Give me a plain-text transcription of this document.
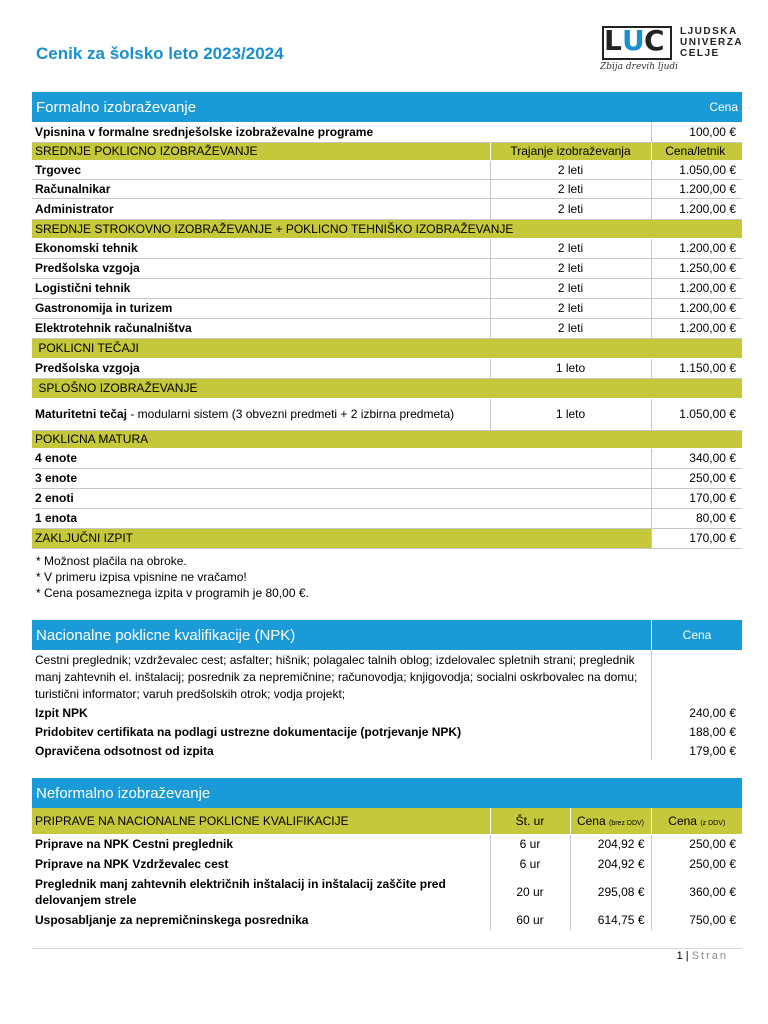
Cenik za šolsko leto 2023/2024	L U C LJUDSKA
UNIVERZA
CELJE
Zbija drevih ljudi
Formalno izobraževanje	Cena
Vpisnina v formalne srednješolske izobraževalne programe		100,00 €
SREDNJE POKLICNO IZOBRAŽEVANJE	Trajanje izobraževanja	Cena/letnik
Trgovec	2 leti	1.050,00 €
Računalnikar	2 leti	1.200,00 €
Administrator	2 leti	1.200,00 €
SREDNJE STROKOVNO IZOBRAŽEVANJE + POKLICNO TEHNIŠKO IZOBRAŽEVANJE		
Ekonomski tehnik	2 leti	1.200,00 €
Predšolska vzgoja	2 leti	1.250,00 €
Logistični tehnik	2 leti	1.200,00 €
Gastronomija in turizem	2 leti	1.200,00 €
Elektrotehnik računalništva	2 leti	1.200,00 €
POKLICNI TEČAJI		
Predšolska vzgoja	1 leto	1.150,00 €
SPLOŠNO IZOBRAŽEVANJE		
Maturitetni tečaj - modularni sistem (3 obvezni predmeti + 2 izbirna predmeta)	1 leto	1.050,00 €
POKLICNA MATURA		
4 enote		340,00 €
3 enote		250,00 €
2 enoti		170,00 €
1 enota		80,00 €
ZAKLJUČNI IZPIT		170,00 €
* Možnost plačila na obroke.
* V primeru izpisa vpisnine ne vračamo!
* Cena posameznega izpita v programih je 80,00 €.
Nacionalne poklicne kvalifikacije (NPK)	Cena
Cestni preglednik; vzdrževalec cest; asfalter; hišnik; polagalec talnih oblog; izdelovalec spletnih strani; preglednik manj zahtevnih el. inštalacij; posrednik za nepremičnine; računovodja; knjigovodja; socialni oskrbovalec na domu; turistični informator; varuh predšolskih otrok; vodja projekt;	
Izpit NPK	240,00 €
Pridobitev certifikata na podlagi ustrezne dokumentacije (potrjevanje NPK)	188,00 €
Opravičena odsotnost od izpita	179,00 €
Neformalno izobraževanje
PRIPRAVE NA NACIONALNE POKLICNE KVALIFIKACIJE	Št. ur	Cena (brez DDV)	Cena (z DDV)
Priprave na NPK Cestni preglednik	6 ur	204,92 €	250,00 €
Priprave na NPK Vzdrževalec cest	6 ur	204,92 €	250,00 €
Preglednik manj zahtevnih električnih inštalacij in inštalacij zaščite pred delovanjem strele	20 ur	295,08 €	360,00 €
Usposabljanje za nepremičninskega posrednika	60 ur	614,75 €	750,00 €
1 | Stran
